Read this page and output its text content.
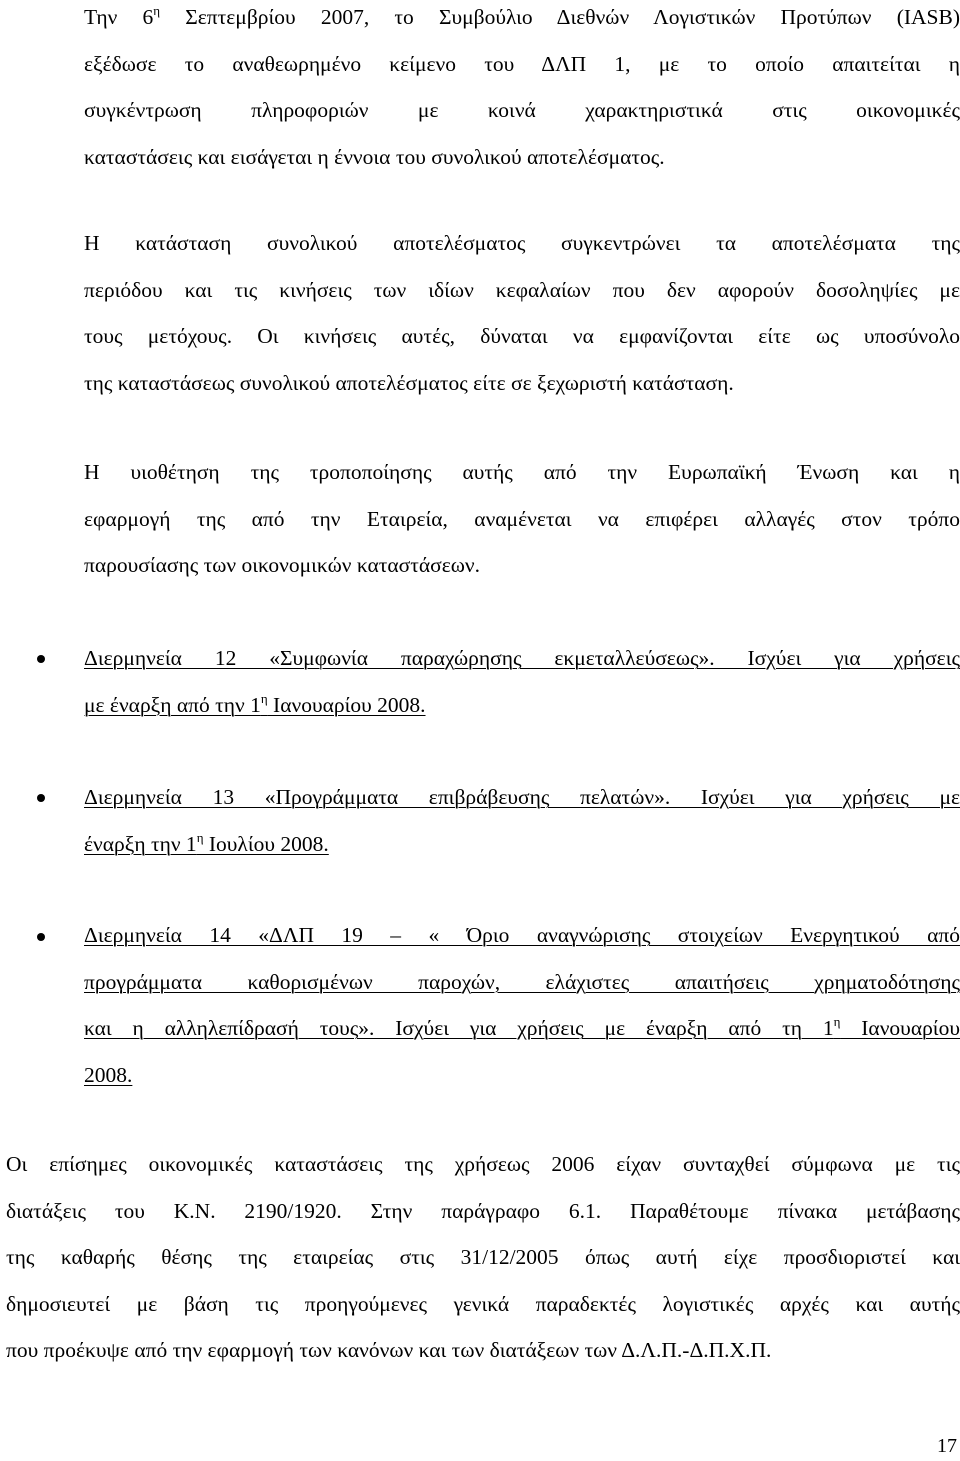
Την $6^\eta$ Σεπτεμβρίου 2007, το Συμβούλιο Διεθνών Λογιστικών Προτύπων (IASB)
εξέδωσε το αναθεωρημένο κείμενο του ΔΛΠ 1, με το οποίο απαιτείται η
συγκέντρωση πληροφοριών με κοινά χαρακτηριστικά στις οικονομικές
καταστάσεις και εισάγεται η έννοια του συνολικού αποτελέσματος.
Η κατάσταση συνολικού αποτελέσματος συγκεντρώνει τα αποτελέσματα της
περιόδου και τις κινήσεις των ιδίων κεφαλαίων που δεν αφορούν δοσοληψίες με
τους μετόχους. Οι κινήσεις αυτές, δύναται να εμφανίζονται είτε ως υποσύνολο
της καταστάσεως συνολικού αποτελέσματος είτε σε ξεχωριστή κατάσταση.
Η υιοθέτηση της τροποποίησης αυτής από την Ευρωπαϊκή Ένωση και η
εφαρμογή της από την Εταιρεία, αναμένεται να επιφέρει αλλαγές στον τρόπο
παρουσίασης των οικονομικών καταστάσεων.
Διερμηνεία 12 «Συμφωνία παραχώρησης εκμεταλλεύσεως». Ισχύει για χρήσεις
με έναρξη από την $1^\eta$ Ιανουαρίου 2008.
Διερμηνεία 13 «Προγράμματα επιβράβευσης πελατών». Ισχύει για χρήσεις με
έναρξη την $1^\eta$ Ιουλίου 2008.
Διερμηνεία 14 «ΔΛΠ 19 – « Όριο αναγνώρισης στοιχείων Ενεργητικού από
προγράμματα καθορισμένων παροχών, ελάχιστες απαιτήσεις χρηματοδότησης
και η αλληλεπίδρασή τους». Ισχύει για χρήσεις με έναρξη από τη $1^\eta$ Ιανουαρίου
2008.
Οι επίσημες οικονομικές καταστάσεις της χρήσεως 2006 είχαν συνταχθεί σύμφωνα με τις
διατάξεις του Κ.Ν. 2190/1920. Στην παράγραφο 6.1. Παραθέτουμε πίνακα μετάβασης
της καθαρής θέσης της εταιρείας στις 31/12/2005 όπως αυτή είχε προσδιοριστεί και
δημοσιευτεί με βάση τις προηγούμενες γενικά παραδεκτές λογιστικές αρχές και αυτής
που προέκυψε από την εφαρμογή των κανόνων και των διατάξεων των Δ.Λ.Π.-Δ.Π.Χ.Π.
17
